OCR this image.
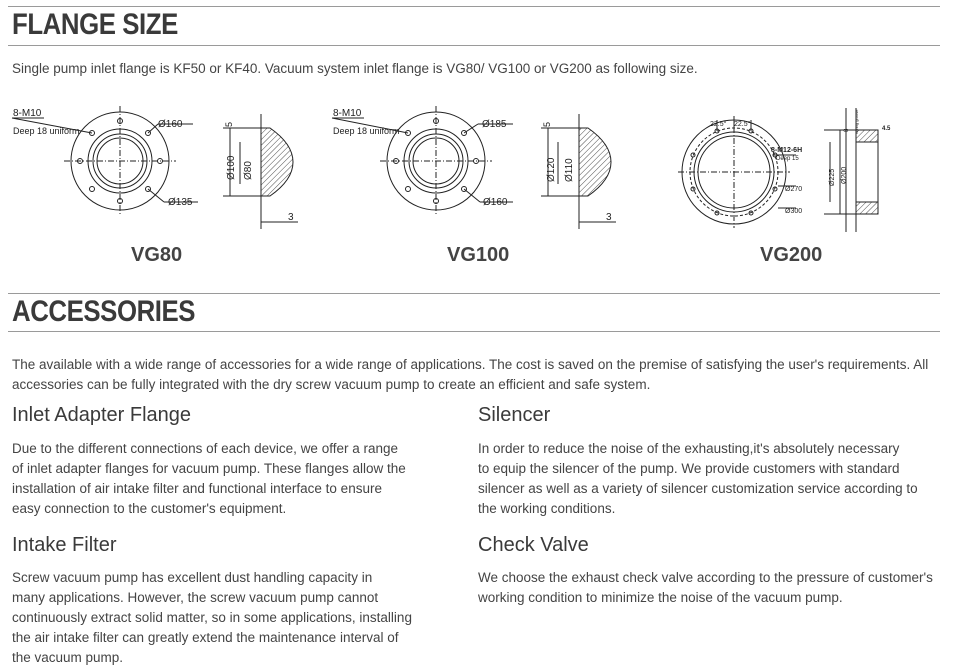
FLANGE SIZE

Single pump inlet flange is KF50 or KF40. Vacuum system inlet flange is VG80/ VG100 or VG200 as following size.

8-M10
Deep 18 uniform
Ø160
Ø135
5
Ø100 Ø80
3
VG80
8-M10
Deep 18 uniform
Ø185
Ø160
5
Ø120 Ø110
3
VG100
22.5° 22.5°
8-M12-6H
Deep 15
Ø270
Ø300
8 O-ring groove	4.5
Ø225 Ø200
VG200
ACCESSORIES

The available with a wide range of accessories for a wide range of applications. The cost is saved on the premise of satisfying the user's requirements. All

accessories can be fully integrated with the dry screw vacuum pump to create an efficient and safe system.

Inlet Adapter Flange
Due to the different connections of each device, we offer a range
of inlet adapter flanges for vacuum pump. These flanges allow the
installation of air intake filter and functional interface to ensure
easy connection to the customer's equipment.
Silencer
In order to reduce the noise of the exhausting,it's absolutely necessary
to equip the silencer of the pump. We provide customers with standard
silencer as well as a variety of silencer customization service according to
the working conditions.
Intake Filter
Screw vacuum pump has excellent dust handling capacity in
many applications. However, the screw vacuum pump cannot
continuously extract solid matter, so in some applications, installing
the air intake filter can greatly extend the maintenance interval of
the vacuum pump.
Check Valve
We choose the exhaust check valve according to the pressure of customer's
working condition to minimize the noise of the vacuum pump.
